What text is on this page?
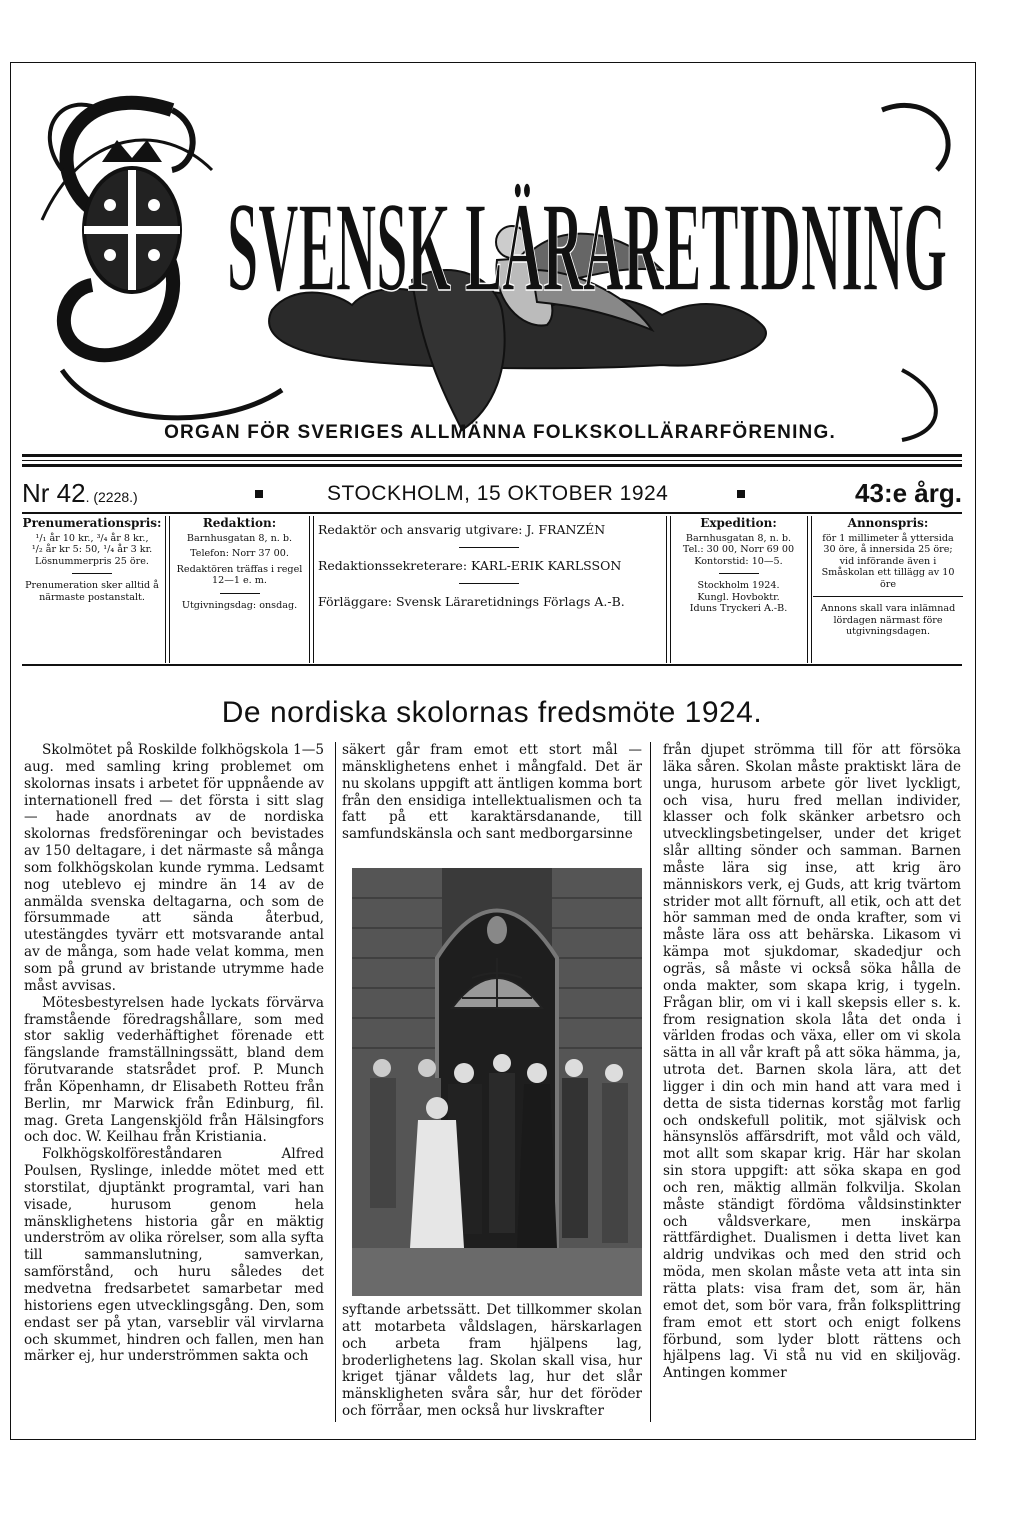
SVENSK LÄRARETIDNING
ORGAN FÖR SVERIGES ALLMÄNNA FOLKSKOLLÄRARFÖRENING.
Nr 42. (2228.)	STOCKHOLM, 15 OKTOBER 1924	43:e årg.
Prenumerationspris:
¹/₁ år 10 kr., ³/₄ år 8 kr.,
¹/₂ år kr 5: 50, ¹/₄ år 3 kr.
Lösnummerpris 25 öre.
Prenumeration sker alltid å närmaste postanstalt.
Redaktion:
Barnhusgatan 8, n. b.
Telefon: Norr 37 00.
Redaktören träffas i regel 12—1 e. m.
Utgivningsdag: onsdag.
Redaktör och ansvarig utgivare: J. FRANZÉN
Redaktionssekreterare: KARL-ERIK KARLSSON
Förläggare: Svensk Läraretidnings Förlags A.-B.
Expedition:
Barnhusgatan 8, n. b.
Tel.: 30 00, Norr 69 00
Kontorstid: 10—5.
Stockholm 1924.
Kungl. Hovboktr.
Iduns Tryckeri A.-B.
Annonspris:
för 1 millimeter å yttersida
30 öre, å innersida 25 öre;
vid införande även i Småskolan ett tillägg av 10 öre
Annons skall vara inlämnad lördagen närmast före utgivningsdagen.
De nordiska skolornas fredsmöte 1924.

Skolmötet på Roskilde folkhögskola 1—5 aug. med samling kring problemet om skolornas insats i arbetet för uppnående av internationell fred — det första i sitt slag — hade anordnats av de nordiska skolornas fredsföreningar och bevistades av 150 deltagare, i det närmaste så många som folkhögskolan kunde rymma. Ledsamt nog uteblevo ej mindre än 14 av de anmälda svenska deltagarna, och som de försummade att sända återbud, utestängdes tyvärr ett motsvarande antal av de många, som hade velat komma, men som på grund av bristande utrymme hade måst avvisas.

Mötesbestyrelsen hade lyckats förvärva framstående föredragshållare, som med stor saklig vederhäftighet förenade ett fängslande framställningssätt, bland dem förutvarande statsrådet prof. P. Munch från Köpenhamn, dr Elisabeth Rotteu från Berlin, mr Marwick från Edinburg, fil. mag. Greta Langenskjöld från Hälsingfors och doc. W. Keilhau från Kristiania.

Folkhögskolföreståndaren Alfred Poulsen, Ryslinge, inledde mötet med ett storstilat, djuptänkt programtal, vari han visade, hurusom genom hela mänsklighetens historia går en mäktig underström av olika rörelser, som alla syfta till sammanslutning, samverkan, samförstånd, och huru således det medvetna fredsarbetet samarbetar med historiens egen utvecklingsgång. Den, som endast ser på ytan, varseblir väl virvlarna och skummet, hindren och fallen, men han märker ej, hur underströmmen sakta och

säkert går fram emot ett stort mål — mänsklighetens enhet i mångfald. Det är nu skolans uppgift att äntligen komma bort från den ensidiga intellektualismen och ta fatt på ett karaktärsdanande, till samfundskänsla och sant medborgarsinne

syftande arbetssätt. Det tillkommer skolan att motarbeta våldslagen, härskarlagen och arbeta fram hjälpens lag, broderlighetens lag. Skolan skall visa, hur kriget tjänar våldets lag, hur det slår mänskligheten svåra sår, hur det föröder och förråar, men också hur livskrafter

från djupet strömma till för att försöka läka såren. Skolan måste praktiskt lära de unga, hurusom arbete gör livet lyckligt, och visa, huru fred mellan individer, klasser och folk skänker arbetsro och utvecklingsbetingelser, under det kriget slår allting sönder och samman. Barnen måste lära sig inse, att krig äro människors verk, ej Guds, att krig tvärtom strider mot allt förnuft, all etik, och att det hör samman med de onda krafter, som vi måste lära oss att behärska. Likasom vi kämpa mot sjukdomar, skadedjur och ogräs, så måste vi också söka hålla de onda makter, som skapa krig, i tygeln. Frågan blir, om vi i kall skepsis eller s. k. from resignation skola låta det onda i världen frodas och växa, eller om vi skola sätta in all vår kraft på att söka hämma, ja, utrota det. Barnen skola lära, att det ligger i din och min hand att vara med i detta de sista tidernas korståg mot farlig och ondskefull politik, mot självisk och hänsynslös affärsdrift, mot våld och väld, mot allt som skapar krig. Här har skolan sin stora uppgift: att söka skapa en god och ren, mäktig allmän folkvilja. Skolan måste ständigt fördöma våldsinstinkter och våldsverkare, men inskärpa rättfärdighet. Dualismen i detta livet kan aldrig undvikas och med den strid och möda, men skolan måste veta att inta sin rätta plats: visa fram det, som är, hän emot det, som bör vara, från folksplittring fram emot ett stort och enigt folkens förbund, som lyder blott rättens och hjälpens lag. Vi stå nu vid en skiljoväg. Antingen kommer
